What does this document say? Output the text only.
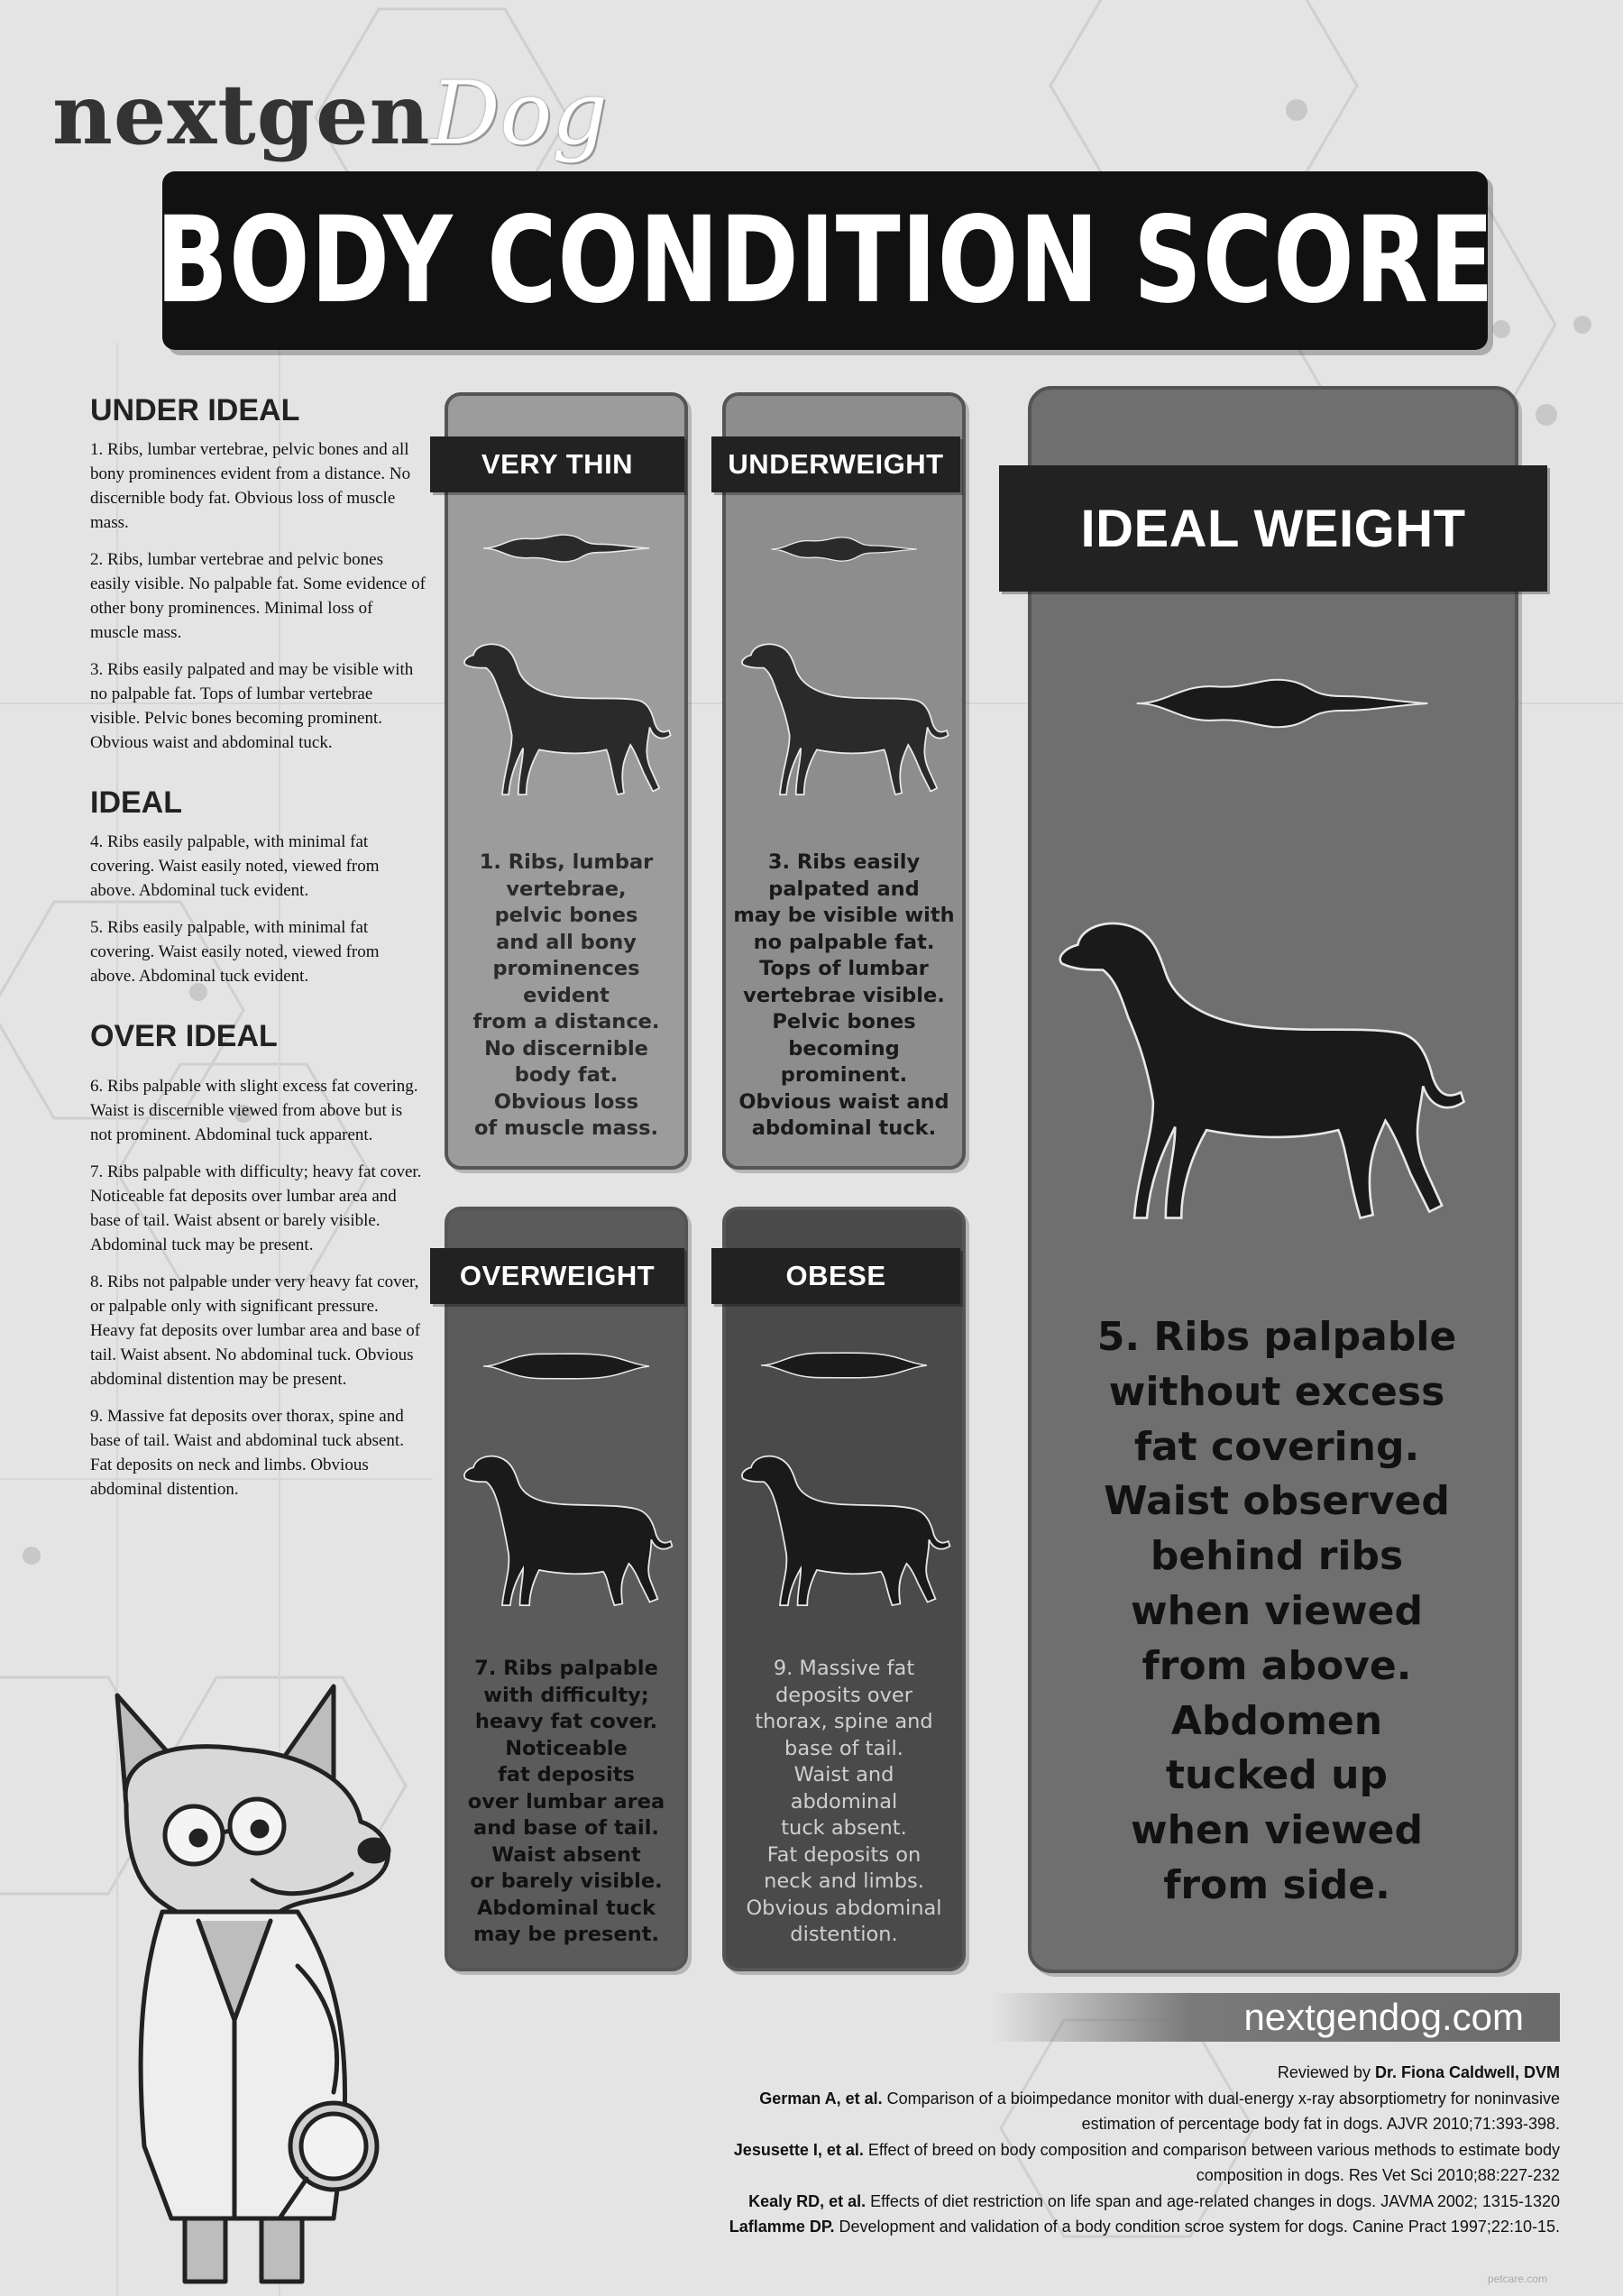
nextgenDog
BODY CONDITION SCORE
UNDER IDEAL

1. Ribs, lumbar vertebrae, pelvic bones and all bony prominences evident from a distance. No discernible body fat. Obvious loss of muscle mass.

2. Ribs, lumbar vertebrae and pelvic bones easily visible. No palpable fat. Some evidence of other bony prominences. Minimal loss of muscle mass.

3. Ribs easily palpated and may be visible with no palpable fat. Tops of lumbar vertebrae visible. Pelvic bones becoming prominent. Obvious waist and abdominal tuck.

IDEAL

4. Ribs easily palpable, with minimal fat covering. Waist easily noted, viewed from above. Abdominal tuck evident.

5. Ribs easily palpable, with minimal fat covering. Waist easily noted, viewed from above. Abdominal tuck evident.

OVER IDEAL

6. Ribs palpable with slight excess fat covering. Waist is discernible viewed from above but is not prominent. Abdominal tuck apparent.

7. Ribs palpable with difficulty; heavy fat cover. Noticeable fat deposits over lumbar area and base of tail. Waist absent or barely visible. Abdominal tuck may be present.

8. Ribs not palpable under very heavy fat cover, or palpable only with significant pressure. Heavy fat deposits over lumbar area and base of tail. Waist absent. No abdominal tuck. Obvious abdominal distention may be present.

9. Massive fat deposits over thorax, spine and base of tail. Waist and abdominal tuck absent. Fat deposits on neck and limbs. Obvious abdominal distention.

VERY THIN
1. Ribs, lumbar
vertebrae,
pelvic bones
and all bony
prominences
evident
from a distance.
No discernible
body fat.
Obvious loss
of muscle mass.
UNDERWEIGHT
3. Ribs easily
palpated and
may be visible with
no palpable fat.
Tops of lumbar
vertebrae visible.
Pelvic bones
becoming
prominent.
Obvious waist and
abdominal tuck.
OVERWEIGHT
7. Ribs palpable
with difficulty;
heavy fat cover.
Noticeable
fat deposits
over lumbar area
and base of tail.
Waist absent
or barely visible.
Abdominal tuck
may be present.
OBESE
9. Massive fat
deposits over
thorax, spine and
base of tail.
Waist and
abdominal
tuck absent.
Fat deposits on
neck and limbs.
Obvious abdominal
distention.
IDEAL WEIGHT
5. Ribs palpable
without excess
fat covering.
Waist observed
behind ribs
when viewed
from above.
Abdomen
tucked up
when viewed
from side.
nextgendog.com
Reviewed by Dr. Fiona Caldwell, DVM
German A, et al. Comparison of a bioimpedance monitor with dual-energy x-ray absorptiometry for noninvasive
estimation of percentage body fat in dogs. AJVR 2010;71:393-398.
Jesusette I, et al. Effect of breed on body composition and comparison between various methods to estimate body
composition in dogs. Res Vet Sci 2010;88:227-232
Kealy RD, et al. Effects of diet restriction on life span and age-related changes in dogs. JAVMA 2002; 1315-1320
Laflamme DP. Development and validation of a body condition scroe system for dogs. Canine Pract 1997;22:10-15.
petcare.com
